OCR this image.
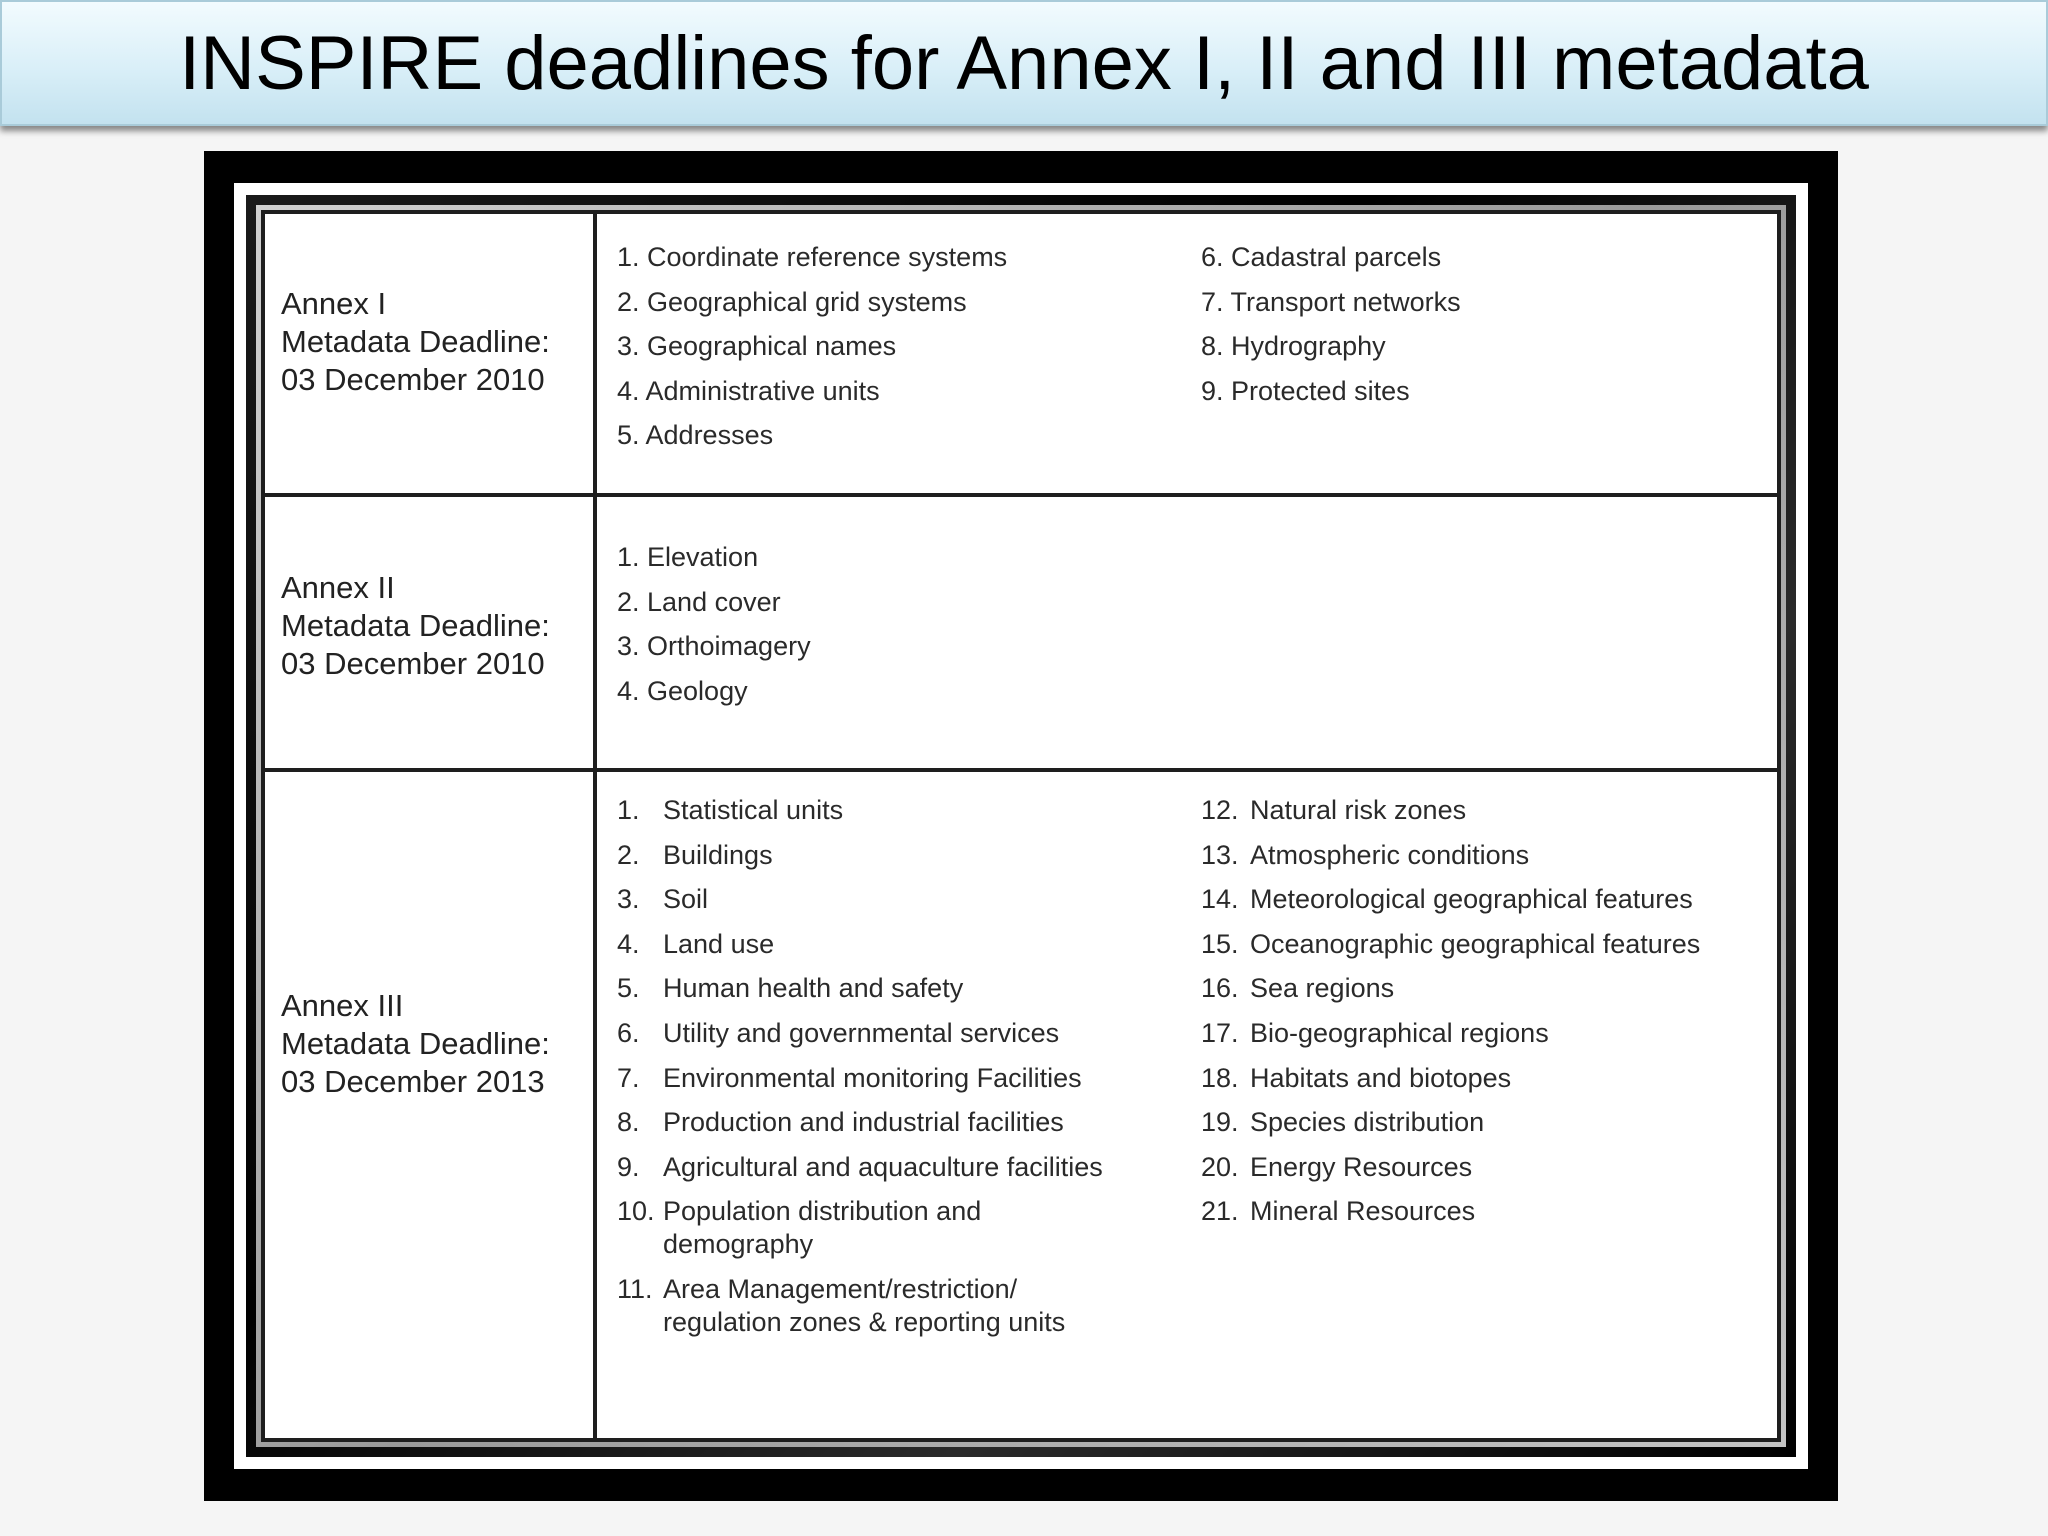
INSPIRE deadlines for Annex I, II and III metadata
Annex I
Metadata Deadline:
03 December 2010
1. Coordinate reference systems
2. Geographical grid systems
3. Geographical names
4. Administrative units
5. Addresses
6. Cadastral parcels
7. Transport networks
8. Hydrography
9. Protected sites
Annex II
Metadata Deadline:
03 December 2010
1. Elevation
2. Land cover
3. Orthoimagery
4. Geology
Annex III
Metadata Deadline:
03 December 2013
1. Statistical units
2. Buildings
3. Soil
4. Land use
5. Human health and safety
6. Utility and governmental services
7. Environmental monitoring Facilities
8. Production and industrial facilities
9. Agricultural and aquaculture facilities
10. Population distribution and demography
11. Area Management/restriction/ regulation zones & reporting units
12. Natural risk zones
13. Atmospheric conditions
14. Meteorological geographical features
15. Oceanographic geographical features
16. Sea regions
17. Bio-geographical regions
18. Habitats and biotopes
19. Species distribution
20. Energy Resources
21. Mineral Resources
